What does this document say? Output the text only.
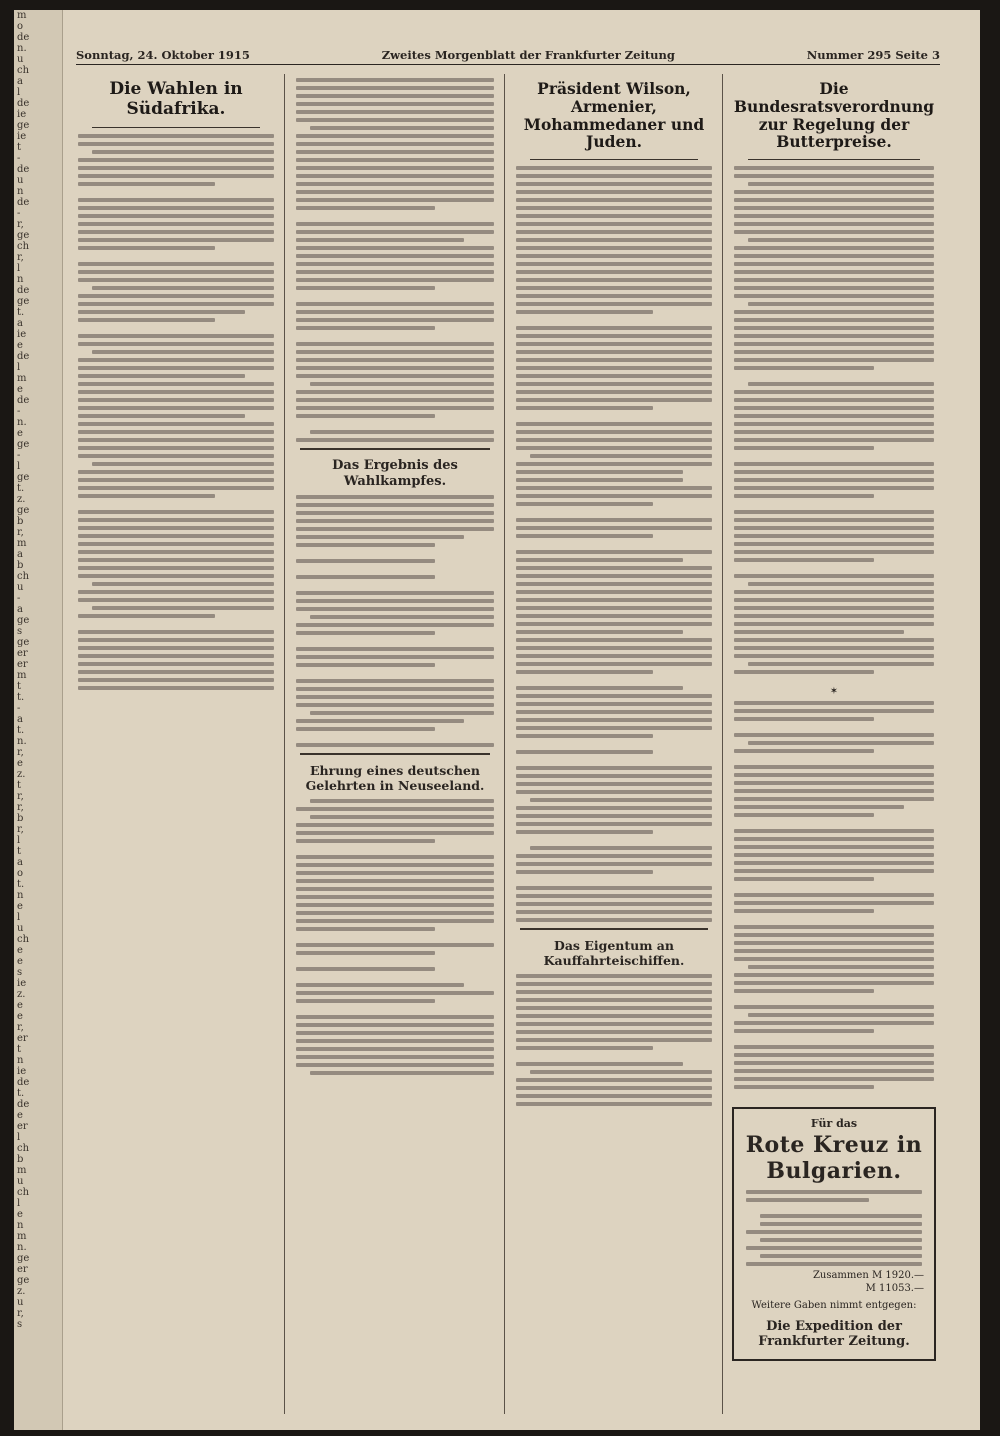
m
o
de
n.
u
ch
a
l
de
ie
ge
ie
t
-
de
u
n
de
-
r,
ge
ch
r,
l
n
de
ge
t.
a
ie
e
de
l
m
e
de
-
n.
e
ge
-
l
ge
t.
z.
ge
b
r,
m
a
b
ch
u
-
a
ge
s
ge
er
er
m
t
t.
-
a
t.
n.
r,
e
z.
t
r,
r,
b
r,
l
t
a
o
t.
n
e
l
u
ch
e
e
s
ie
z.
e
e
r,
er
t
n
ie
de
t.
de
e
er
l
ch
b
m
u
ch
l
e
n
m
n.
ge
er
ge
z.
u
r,
s
Sonntag, 24. Oktober 1915	Zweites Morgenblatt der Frankfurter Zeitung	Nummer 295 Seite 3
Die Wahlen in Südafrika.
Das Ergebnis des Wahlkampfes.
Ehrung eines deutschen Gelehrten in Neuseeland.
Präsident Wilson, Armenier, Mohammedaner und Juden.
Das Eigentum an Kauffahrteischiffen.
Die Bundesratsverordnung zur Regelung der Butterpreise.
✶
Für das
Rote Kreuz in Bulgarien.
Zusammen M 1920.—
M 11053.—
Weitere Gaben nimmt entgegen:
Die Expedition der Frankfurter Zeitung.
